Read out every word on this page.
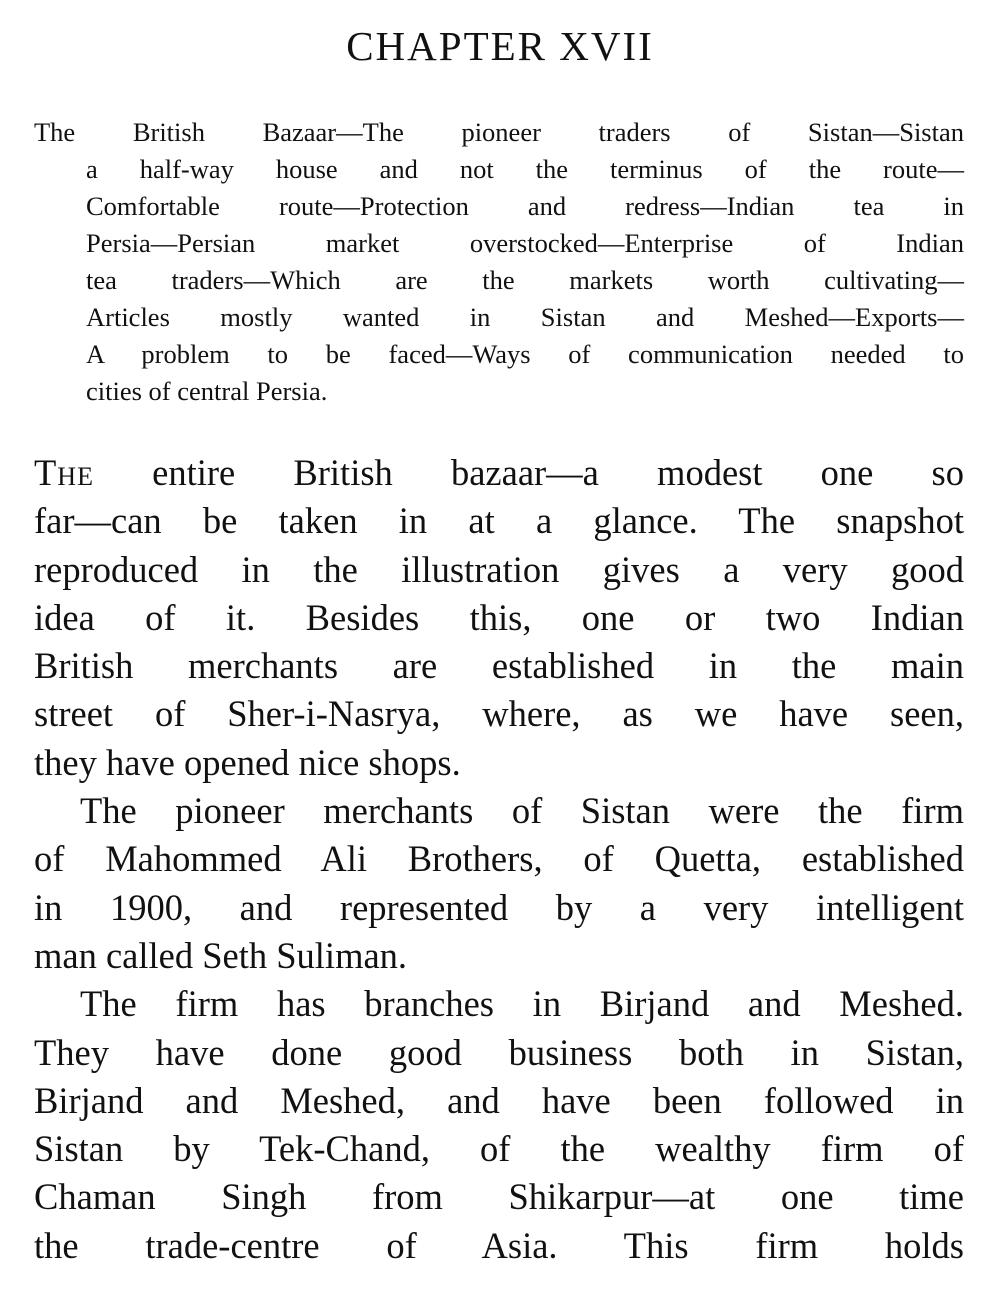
CHAPTER XVII
The British Bazaar—The pioneer traders of Sistan—Sistan
a half-way house and not the terminus of the route—
Comfortable route—Protection and redress—Indian tea in
Persia—Persian market overstocked—Enterprise of Indian
tea traders—Which are the markets worth cultivating—
Articles mostly wanted in Sistan and Meshed—Exports—
A problem to be faced—Ways of communication needed to
cities of central Persia.
The entire British bazaar—a modest one so
far—can be taken in at a glance. The snapshot
reproduced in the illustration gives a very good
idea of it. Besides this, one or two Indian
British merchants are established in the main
street of Sher-i-Nasrya, where, as we have seen,
they have opened nice shops.
The pioneer merchants of Sistan were the firm
of Mahommed Ali Brothers, of Quetta, established
in 1900, and represented by a very intelligent
man called Seth Suliman.
The firm has branches in Birjand and Meshed.
They have done good business both in Sistan,
Birjand and Meshed, and have been followed in
Sistan by Tek-Chand, of the wealthy firm of
Chaman Singh from Shikarpur—at one time
the trade-centre of Asia. This firm holds
